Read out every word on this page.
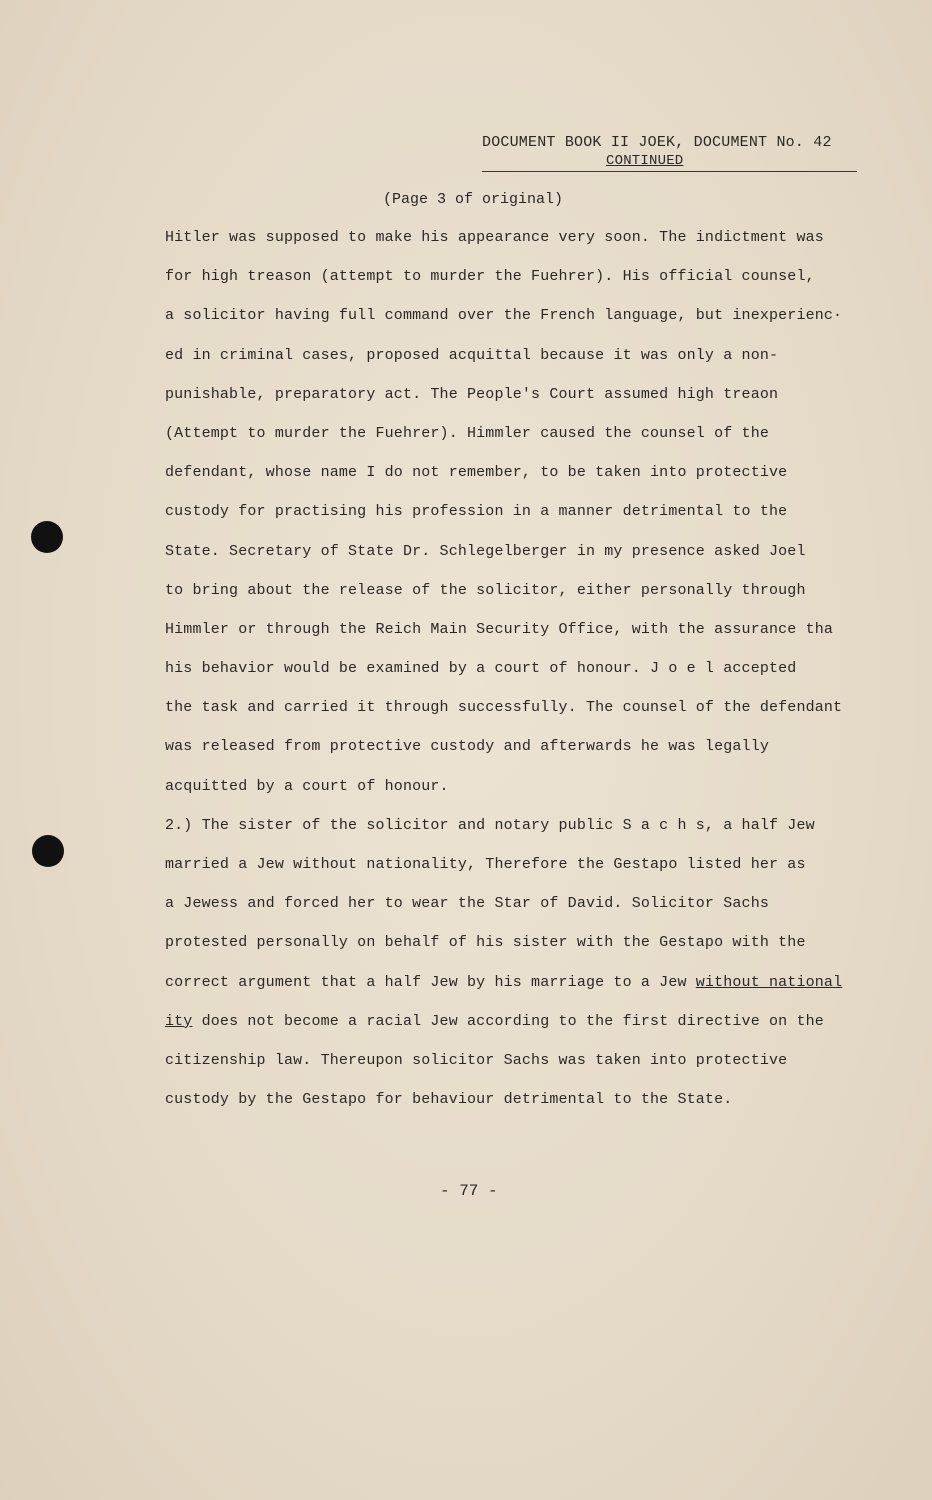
DOCUMENT BOOK II JOEK, DOCUMENT No. 42
CONTINUED
(Page 3 of original)
Hitler was supposed to make his appearance very soon. The indictment was
for high treason (attempt to murder the Fuehrer). His official counsel,
a solicitor having full command over the French language, but inexperienc·
ed in criminal cases, proposed acquittal because it was only a non-
punishable, preparatory act. The People's Court assumed high treaon
(Attempt to murder the Fuehrer). Himmler caused the counsel of the
defendant, whose name I do not remember, to be taken into protective
custody for practising his profession in a manner detrimental to the
State. Secretary of State Dr. Schlegelberger in my presence asked Joel
to bring about the release of the solicitor, either personally through
Himmler or through the Reich Main Security Office, with the assurance tha
his behavior would be examined by a court of honour. J o e l accepted
the task and carried it through successfully. The counsel of the defendant
was released from protective custody and afterwards he was legally
acquitted by a court of honour.
2.) The sister of the solicitor and notary public S a c h s, a half Jew
married a Jew without nationality, Therefore the Gestapo listed her as
a Jewess and forced her to wear the Star of David. Solicitor Sachs
protested personally on behalf of his sister with the Gestapo with the
correct argument that a half Jew by his marriage to a Jew without national
ity does not become a racial Jew according to the first directive on the
citizenship law. Thereupon solicitor Sachs was taken into protective
custody by the Gestapo for behaviour detrimental to the State.
- 77 -
